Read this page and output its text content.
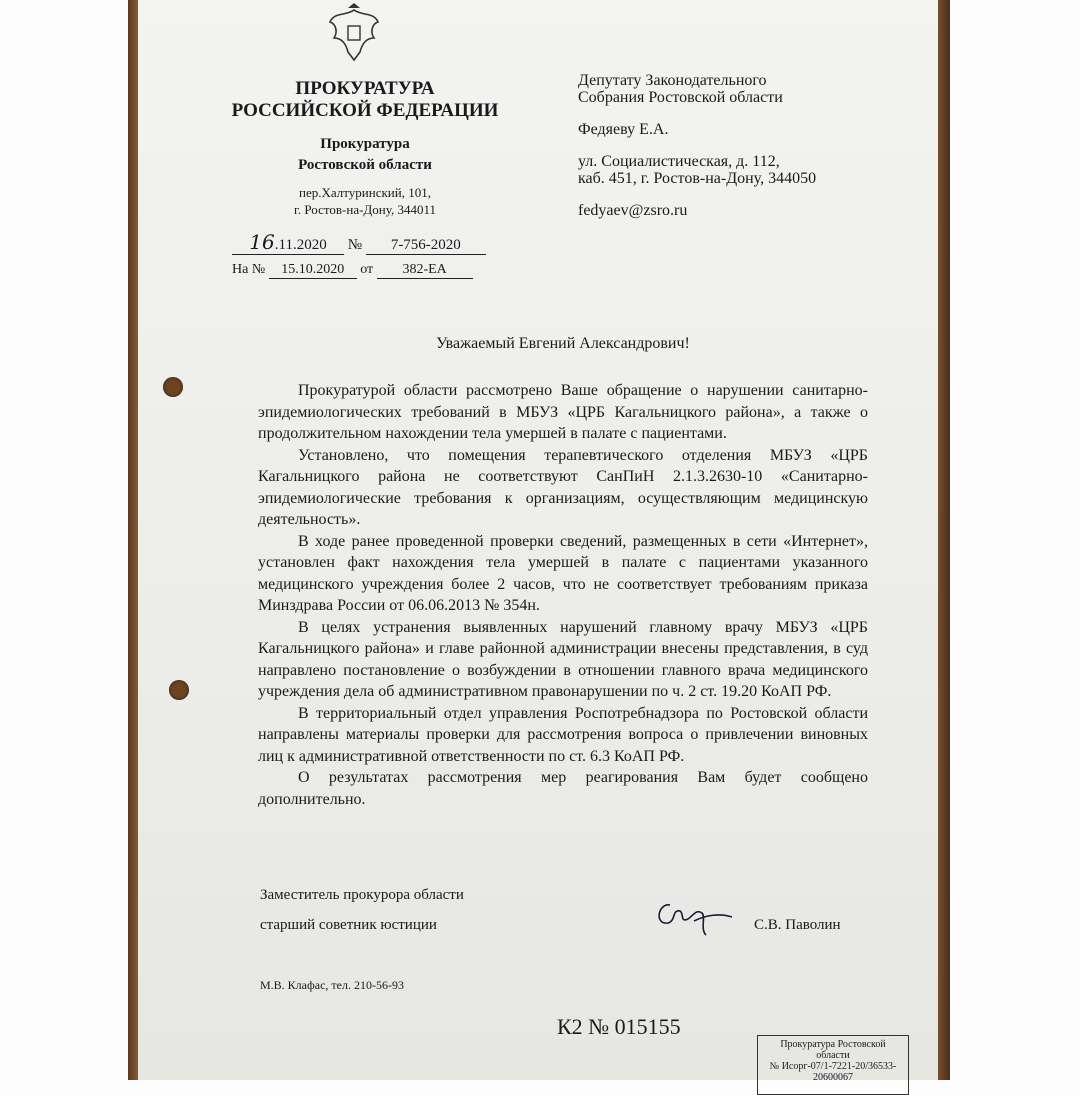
ПРОКУРАТУРА
РОССИЙСКОЙ ФЕДЕРАЦИИ
Прокуратура
Ростовской области
пер.Халтуринский, 101,
г. Ростов-на-Дону, 344011
16.11.2020 № 7-756-2020
На № 15.10.2020 от 382-ЕА
Депутату Законодательного
Собрания Ростовской области
Федяеву Е.А.
ул. Социалистическая, д. 112,
каб. 451, г. Ростов-на-Дону, 344050
fedyaev@zsro.ru
Уважаемый Евгений Александрович!

Прокуратурой области рассмотрено Ваше обращение о нарушении санитарно-эпидемиологических требований в МБУЗ «ЦРБ Кагальницкого района», а также о продолжительном нахождении тела умершей в палате с пациентами.

Установлено, что помещения терапевтического отделения МБУЗ «ЦРБ Кагальницкого района не соответствуют СанПиН 2.1.3.2630-10 «Санитарно-эпидемиологические требования к организациям, осуществляющим медицинскую деятельность».

В ходе ранее проведенной проверки сведений, размещенных в сети «Интернет», установлен факт нахождения тела умершей в палате с пациентами указанного медицинского учреждения более 2 часов, что не соответствует требованиям приказа Минздрава России от 06.06.2013 № 354н.

В целях устранения выявленных нарушений главному врачу МБУЗ «ЦРБ Кагальницкого района» и главе районной администрации внесены представления, в суд направлено постановление о возбуждении в отношении главного врача медицинского учреждения дела об административном правонарушении по ч. 2 ст. 19.20 КоАП РФ.

В территориальный отдел управления Роспотребнадзора по Ростовской области направлены материалы проверки для рассмотрения вопроса о привлечении виновных лиц к административной ответственности по ст. 6.3 КоАП РФ.

О результатах рассмотрения мер реагирования Вам будет сообщено дополнительно.

Заместитель прокурора области
старший советник юстиции	С.В. Паволин
М.В. Клафас, тел. 210-56-93
К2 № 015155
Прокуратура Ростовской
области
№ Исорг-07/1-7221-20/36533-
20600067
